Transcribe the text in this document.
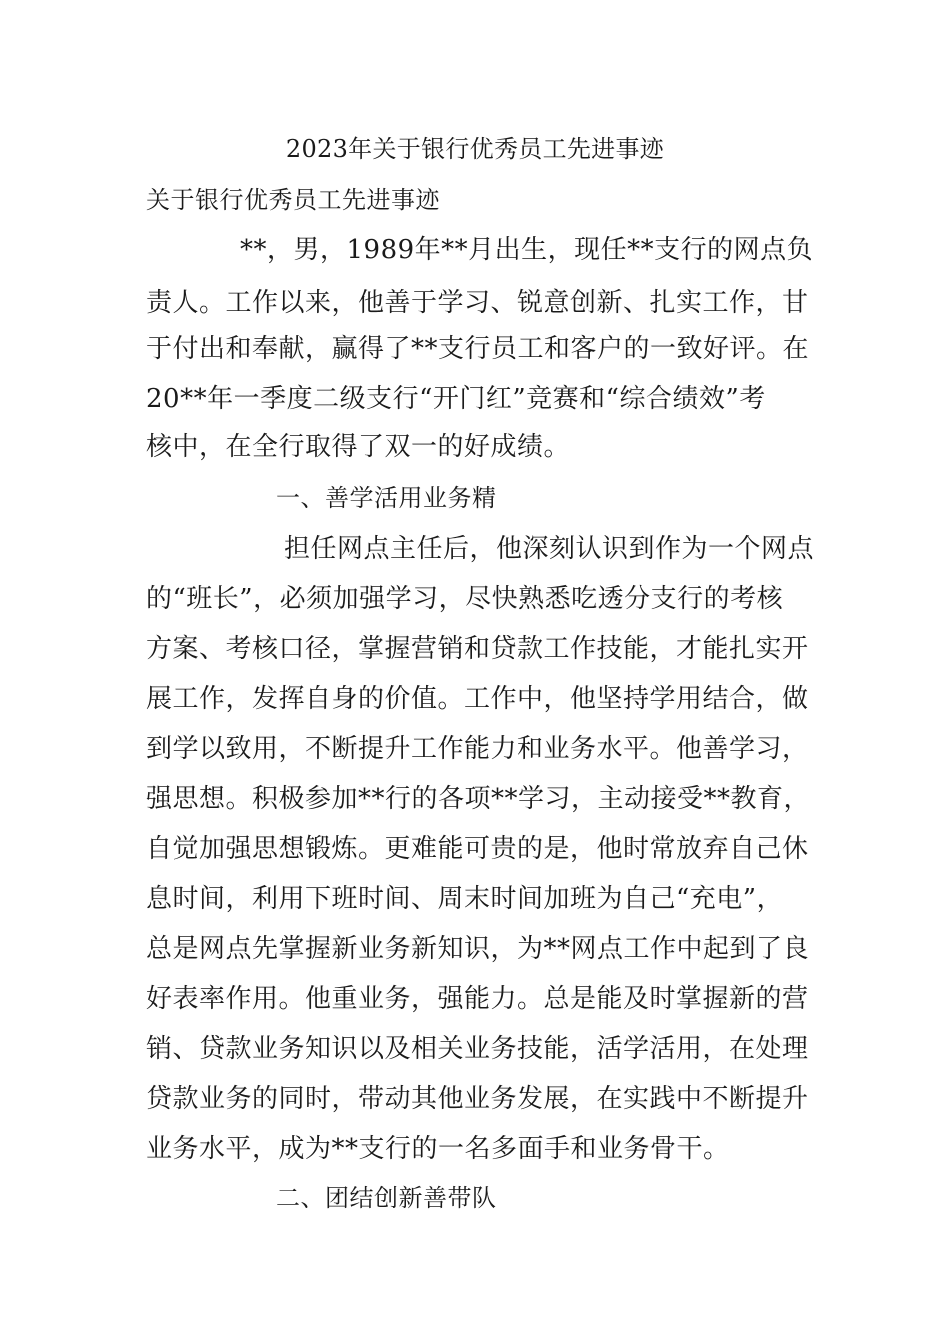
2023年关于银行优秀员工先进事迹
关于银行优秀员工先进事迹
**，男，1989年**月出生，现任**支行的网点负
责人。工作以来，他善于学习、锐意创新、扎实工作，甘
于付出和奉献，赢得了**支行员工和客户的一致好评。在
20**年一季度二级支行“开门红”竞赛和“综合绩效”考
核中，在全行取得了双一的好成绩。
一、善学活用业务精
担任网点主任后，他深刻认识到作为一个网点
的“班长”，必须加强学习，尽快熟悉吃透分支行的考核
方案、考核口径，掌握营销和贷款工作技能，才能扎实开
展工作，发挥自身的价值。工作中，他坚持学用结合，做
到学以致用，不断提升工作能力和业务水平。他善学习，
强思想。积极参加**行的各项**学习，主动接受**教育，
自觉加强思想锻炼。更难能可贵的是，他时常放弃自己休
息时间，利用下班时间、周末时间加班为自己“充电”，
总是网点先掌握新业务新知识，为**网点工作中起到了良
好表率作用。他重业务，强能力。总是能及时掌握新的营
销、贷款业务知识以及相关业务技能，活学活用，在处理
贷款业务的同时，带动其他业务发展，在实践中不断提升
业务水平，成为**支行的一名多面手和业务骨干。
二、团结创新善带队
